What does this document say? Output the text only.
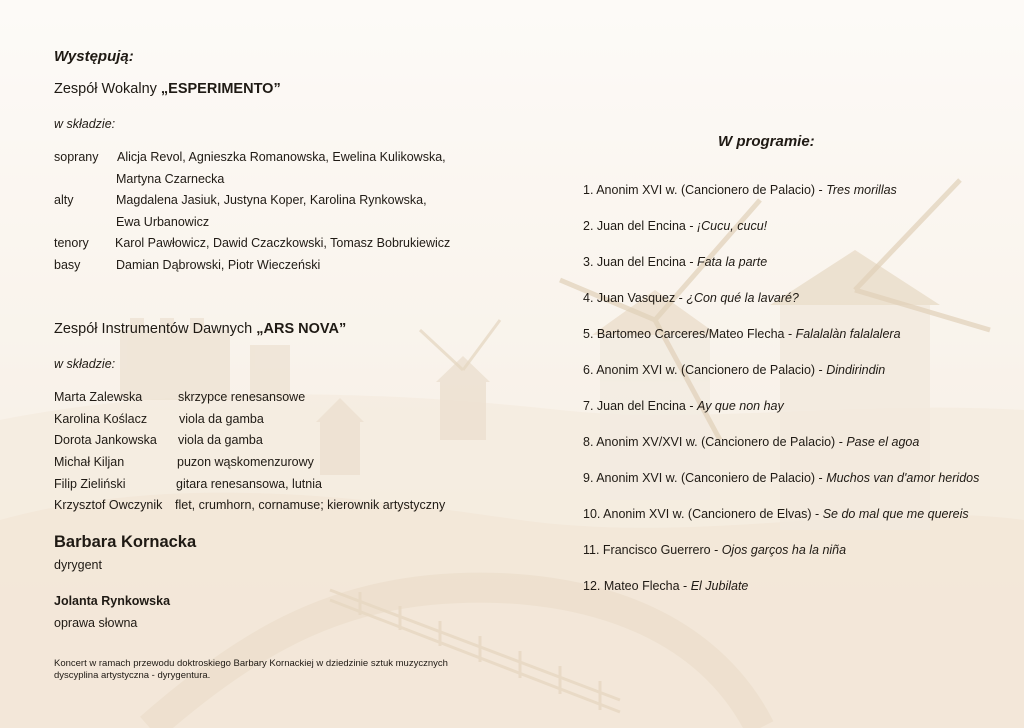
Występują:
Zespół Wokalny „ESPERIMENTO”
w składzie:
soprany Alicja Revol, Agnieszka Romanowska, Ewelina Kulikowska,
Martyna Czarnecka
alty	Magdalena Jasiuk, Justyna Koper, Karolina Rynkowska,
Ewa Urbanowicz
tenory Karol Pawłowicz, Dawid Czaczkowski, Tomasz Bobrukiewicz
basy	Damian Dąbrowski, Piotr Wieczeński
Zespół Instrumentów Dawnych „ARS NOVA”
w składzie:
Marta Zalewska	skrzypce renesansowe
Karolina Koślacz	viola da gamba
Dorota Jankowska viola da gamba
Michał Kiljan	puzon wąskomenzurowy
Filip Zieliński	gitara renesansowa, lutnia
Krzysztof Owczynik flet, crumhorn, cornamuse; kierownik artystyczny
Barbara Kornacka
dyrygent
Jolanta Rynkowska
oprawa słowna
Koncert w ramach przewodu doktroskiego Barbary Kornackiej w dziedzinie sztuk muzycznych
dyscyplina artystyczna - dyrygentura.
W programie:
1. Anonim XVI w. (Cancionero de Palacio) - Tres morillas
2. Juan del Encina - ¡Cucu, cucu!
3. Juan del Encina - Fata la parte
4. Juan Vasquez - ¿Con qué la lavaré?
5. Bartomeo Carceres/Mateo Flecha - Falalalàn falalalera
6. Anonim XVI w. (Cancionero de Palacio) - Dindirindin
7. Juan del Encina - Ay que non hay
8. Anonim XV/XVI w. (Cancionero de Palacio) - Pase el agoa
9. Anonim XVI w. (Canconiero de Palacio) - Muchos van d'amor heridos
10. Anonim XVI w. (Cancionero de Elvas) - Se do mal que me quereis
11. Francisco Guerrero - Ojos garços ha la niña
12. Mateo Flecha - El Jubilate
